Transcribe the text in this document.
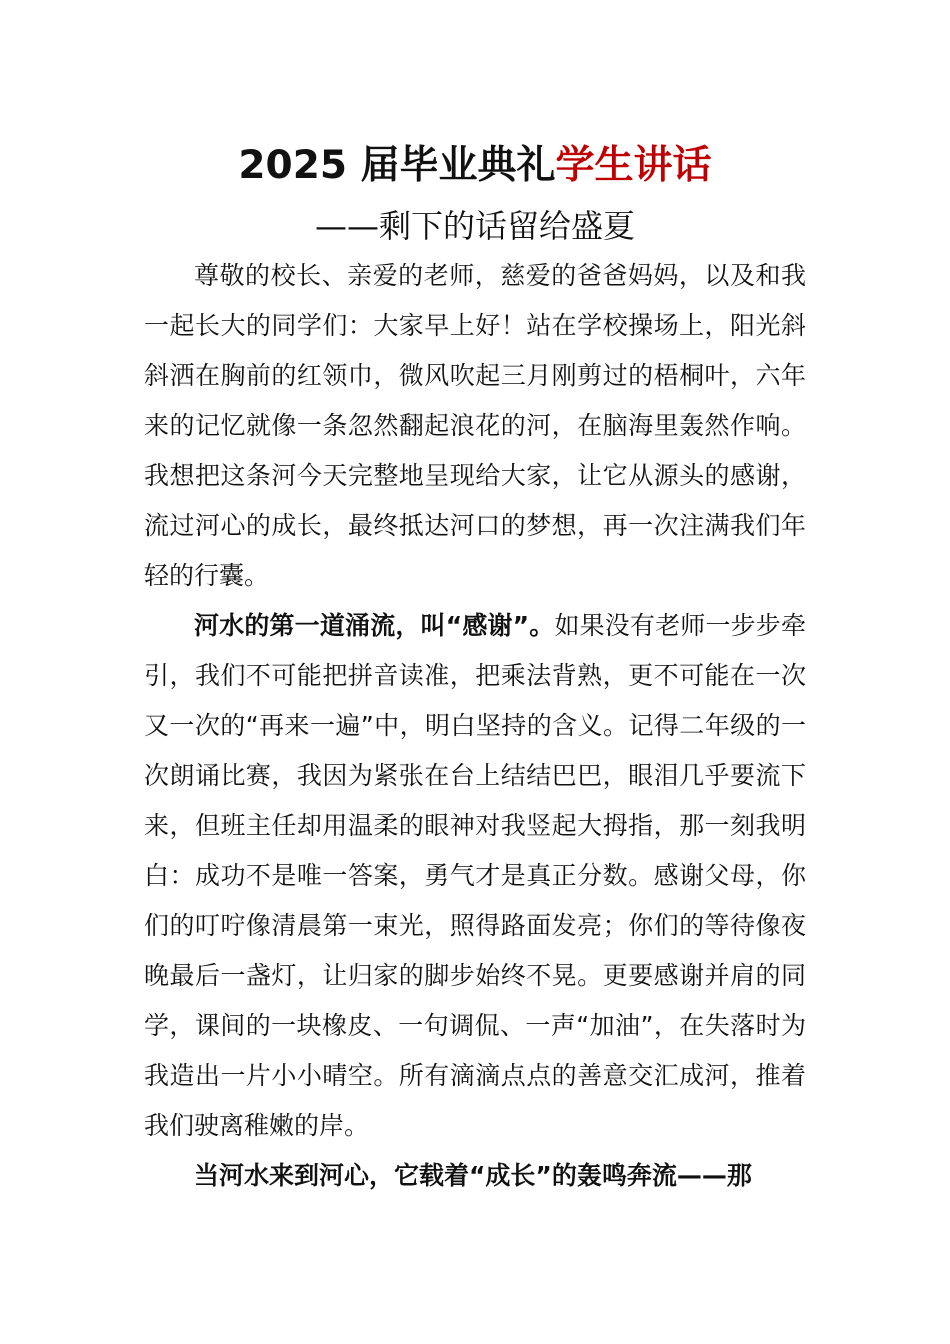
2025 届毕业典礼学生讲话
——剩下的话留给盛夏

尊敬的校长、亲爱的老师，慈爱的爸爸妈妈，以及和我一起长大的同学们：大家早上好！站在学校操场上，阳光斜斜洒在胸前的红领巾，微风吹起三月刚剪过的梧桐叶，六年来的记忆就像一条忽然翻起浪花的河，在脑海里轰然作响。我想把这条河今天完整地呈现给大家，让它从源头的感谢，流过河心的成长，最终抵达河口的梦想，再一次注满我们年轻的行囊。

河水的第一道涌流，叫“感谢”。如果没有老师一步步牵引，我们不可能把拼音读准，把乘法背熟，更不可能在一次又一次的“再来一遍”中，明白坚持的含义。记得二年级的一次朗诵比赛，我因为紧张在台上结结巴巴，眼泪几乎要流下来，但班主任却用温柔的眼神对我竖起大拇指，那一刻我明白：成功不是唯一答案，勇气才是真正分数。感谢父母，你们的叮咛像清晨第一束光，照得路面发亮；你们的等待像夜晚最后一盏灯，让归家的脚步始终不晃。更要感谢并肩的同学，课间的一块橡皮、一句调侃、一声“加油”，在失落时为我造出一片小小晴空。所有滴滴点点的善意交汇成河，推着我们驶离稚嫩的岸。

当河水来到河心，它载着“成长”的轰鸣奔流——那
